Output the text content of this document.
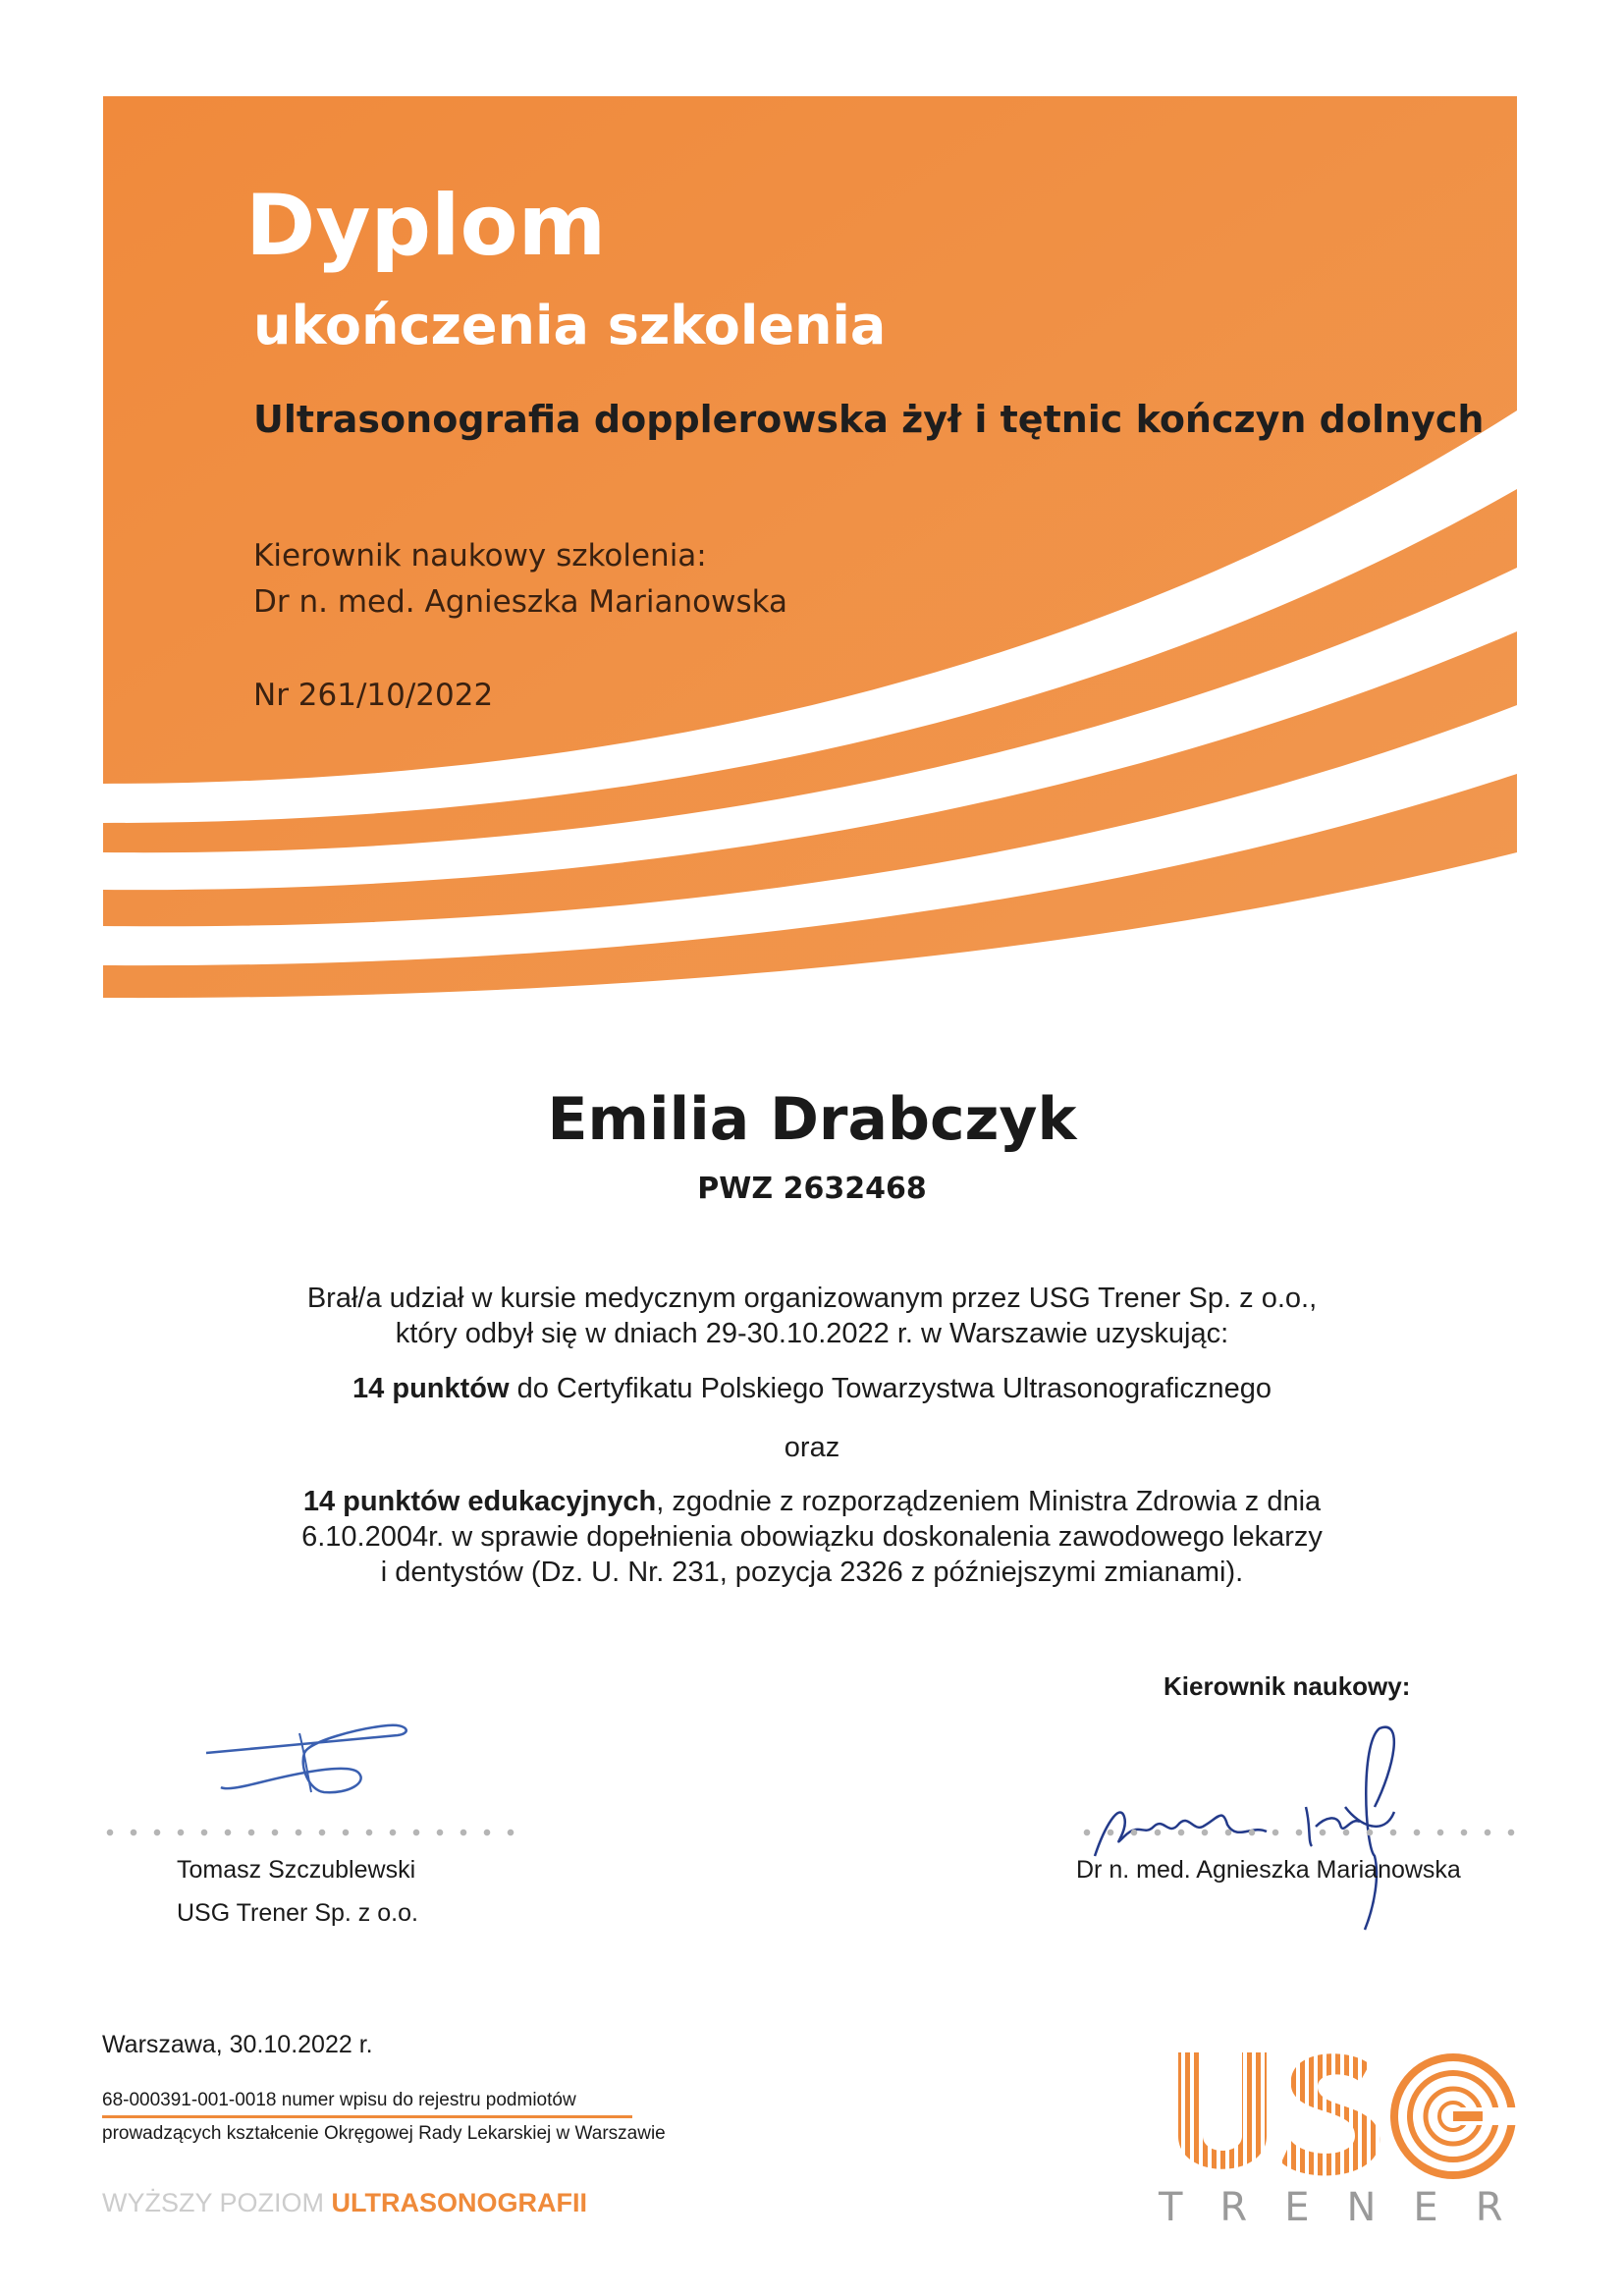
Dyplom
ukończenia szkolenia
Ultrasonografia dopplerowska żył i tętnic kończyn dolnych
Kierownik naukowy szkolenia:
Dr n. med. Agnieszka Marianowska
Nr 261/10/2022
Emilia Drabczyk
PWZ 2632468
Brał/a udział w kursie medycznym organizowanym przez USG Trener Sp. z o.o.,
który odbył się w dniach 29-30.10.2022 r. w Warszawie uzyskując:
14 punktów do Certyfikatu Polskiego Towarzystwa Ultrasonograficznego
oraz
14 punktów edukacyjnych, zgodnie z rozporządzeniem Ministra Zdrowia z dnia
6.10.2004r. w sprawie dopełnienia obowiązku doskonalenia zawodowego lekarzy
i dentystów (Dz. U. Nr. 231, pozycja 2326 z późniejszymi zmianami).
Tomasz Szczublewski
USG Trener Sp. z o.o.
Kierownik naukowy:
Dr n. med. Agnieszka Marianowska
Warszawa, 30.10.2022 r.
68-000391-001-0018 numer wpisu do rejestru podmiotów
prowadzących kształcenie Okręgowej Rady Lekarskiej w Warszawie
WYŻSZY POZIOM ULTRASONOGRAFII	TRENER
